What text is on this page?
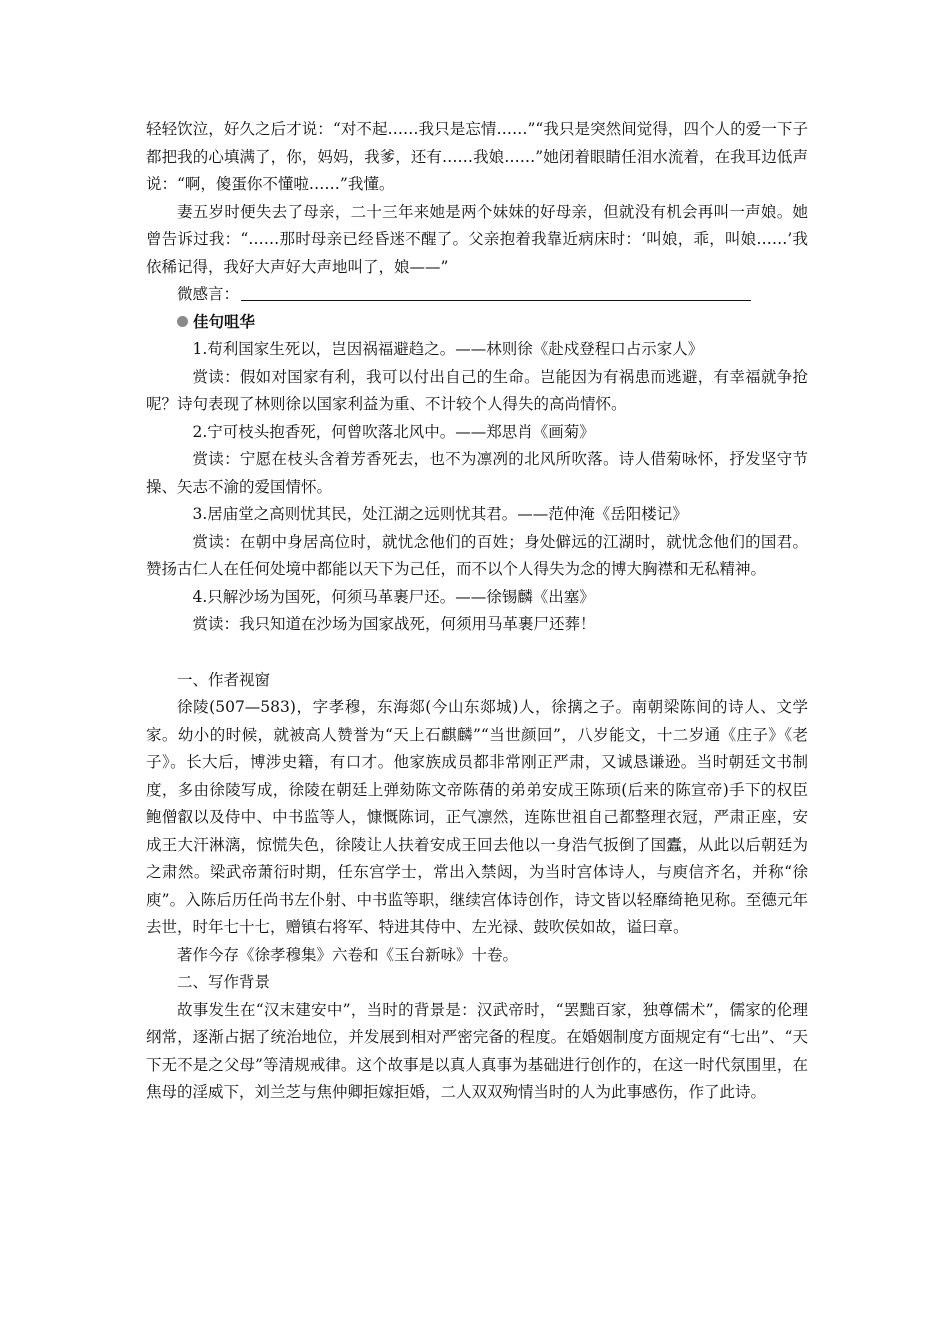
轻轻饮泣，好久之后才说：“对不起……我只是忘情……”“我只是突然间觉得，四个人的爱一下子都把我的心填满了，你，妈妈，我爹，还有……我娘……”她闭着眼睛任泪水流着，在我耳边低声说：“啊，傻蛋你不懂啦……”我懂。

妻五岁时便失去了母亲，二十三年来她是两个妹妹的好母亲，但就没有机会再叫一声娘。她曾告诉过我：“……那时母亲已经昏迷不醒了。父亲抱着我靠近病床时：‘叫娘，乖，叫娘……’我依稀记得，我好大声好大声地叫了，娘——”

微感言：

佳句咀华

1.苟利国家生死以，岂因祸福避趋之。——林则徐《赴戍登程口占示家人》

赏读：假如对国家有利，我可以付出自己的生命。岂能因为有祸患而逃避，有幸福就争抢呢？诗句表现了林则徐以国家利益为重、不计较个人得失的高尚情怀。

2.宁可枝头抱香死，何曾吹落北风中。——郑思肖《画菊》

赏读：宁愿在枝头含着芳香死去，也不为凛冽的北风所吹落。诗人借菊咏怀，抒发坚守节操、矢志不渝的爱国情怀。

3.居庙堂之高则忧其民，处江湖之远则忧其君。——范仲淹《岳阳楼记》

赏读：在朝中身居高位时，就忧念他们的百姓；身处僻远的江湖时，就忧念他们的国君。赞扬古仁人在任何处境中都能以天下为己任，而不以个人得失为念的博大胸襟和无私精神。

4.只解沙场为国死，何须马革裹尸还。——徐锡麟《出塞》

赏读：我只知道在沙场为国家战死，何须用马革裹尸还葬！

一、作者视窗

徐陵(507—583)，字孝穆，东海郯(今山东郯城)人，徐摛之子。南朝梁陈间的诗人、文学家。幼小的时候，就被高人赞誉为“天上石麒麟”“当世颜回”，八岁能文，十二岁通《庄子》《老子》。长大后，博涉史籍，有口才。他家族成员都非常刚正严肃，又诚恳谦逊。当时朝廷文书制度，多由徐陵写成，徐陵在朝廷上弹劾陈文帝陈蒨的弟弟安成王陈顼(后来的陈宣帝)手下的权臣鲍僧叡以及侍中、中书监等人，慷慨陈词，正气凛然，连陈世祖自己都整理衣冠，严肃正座，安成王大汗淋漓，惊慌失色，徐陵让人扶着安成王回去他以一身浩气扳倒了国蠹，从此以后朝廷为之肃然。梁武帝萧衍时期，任东宫学士，常出入禁闼，为当时宫体诗人，与庾信齐名，并称“徐庾”。入陈后历任尚书左仆射、中书监等职，继续宫体诗创作，诗文皆以轻靡绮艳见称。至德元年去世，时年七十七，赠镇右将军、特进其侍中、左光禄、鼓吹侯如故，谥曰章。

著作今存《徐孝穆集》六卷和《玉台新咏》十卷。

二、写作背景

故事发生在“汉末建安中”，当时的背景是：汉武帝时，“罢黜百家，独尊儒术”，儒家的伦理纲常，逐渐占据了统治地位，并发展到相对严密完备的程度。在婚姻制度方面规定有“七出”、“天下无不是之父母”等清规戒律。这个故事是以真人真事为基础进行创作的，在这一时代氛围里，在焦母的淫威下，刘兰芝与焦仲卿拒嫁拒婚，二人双双殉情当时的人为此事感伤，作了此诗。
